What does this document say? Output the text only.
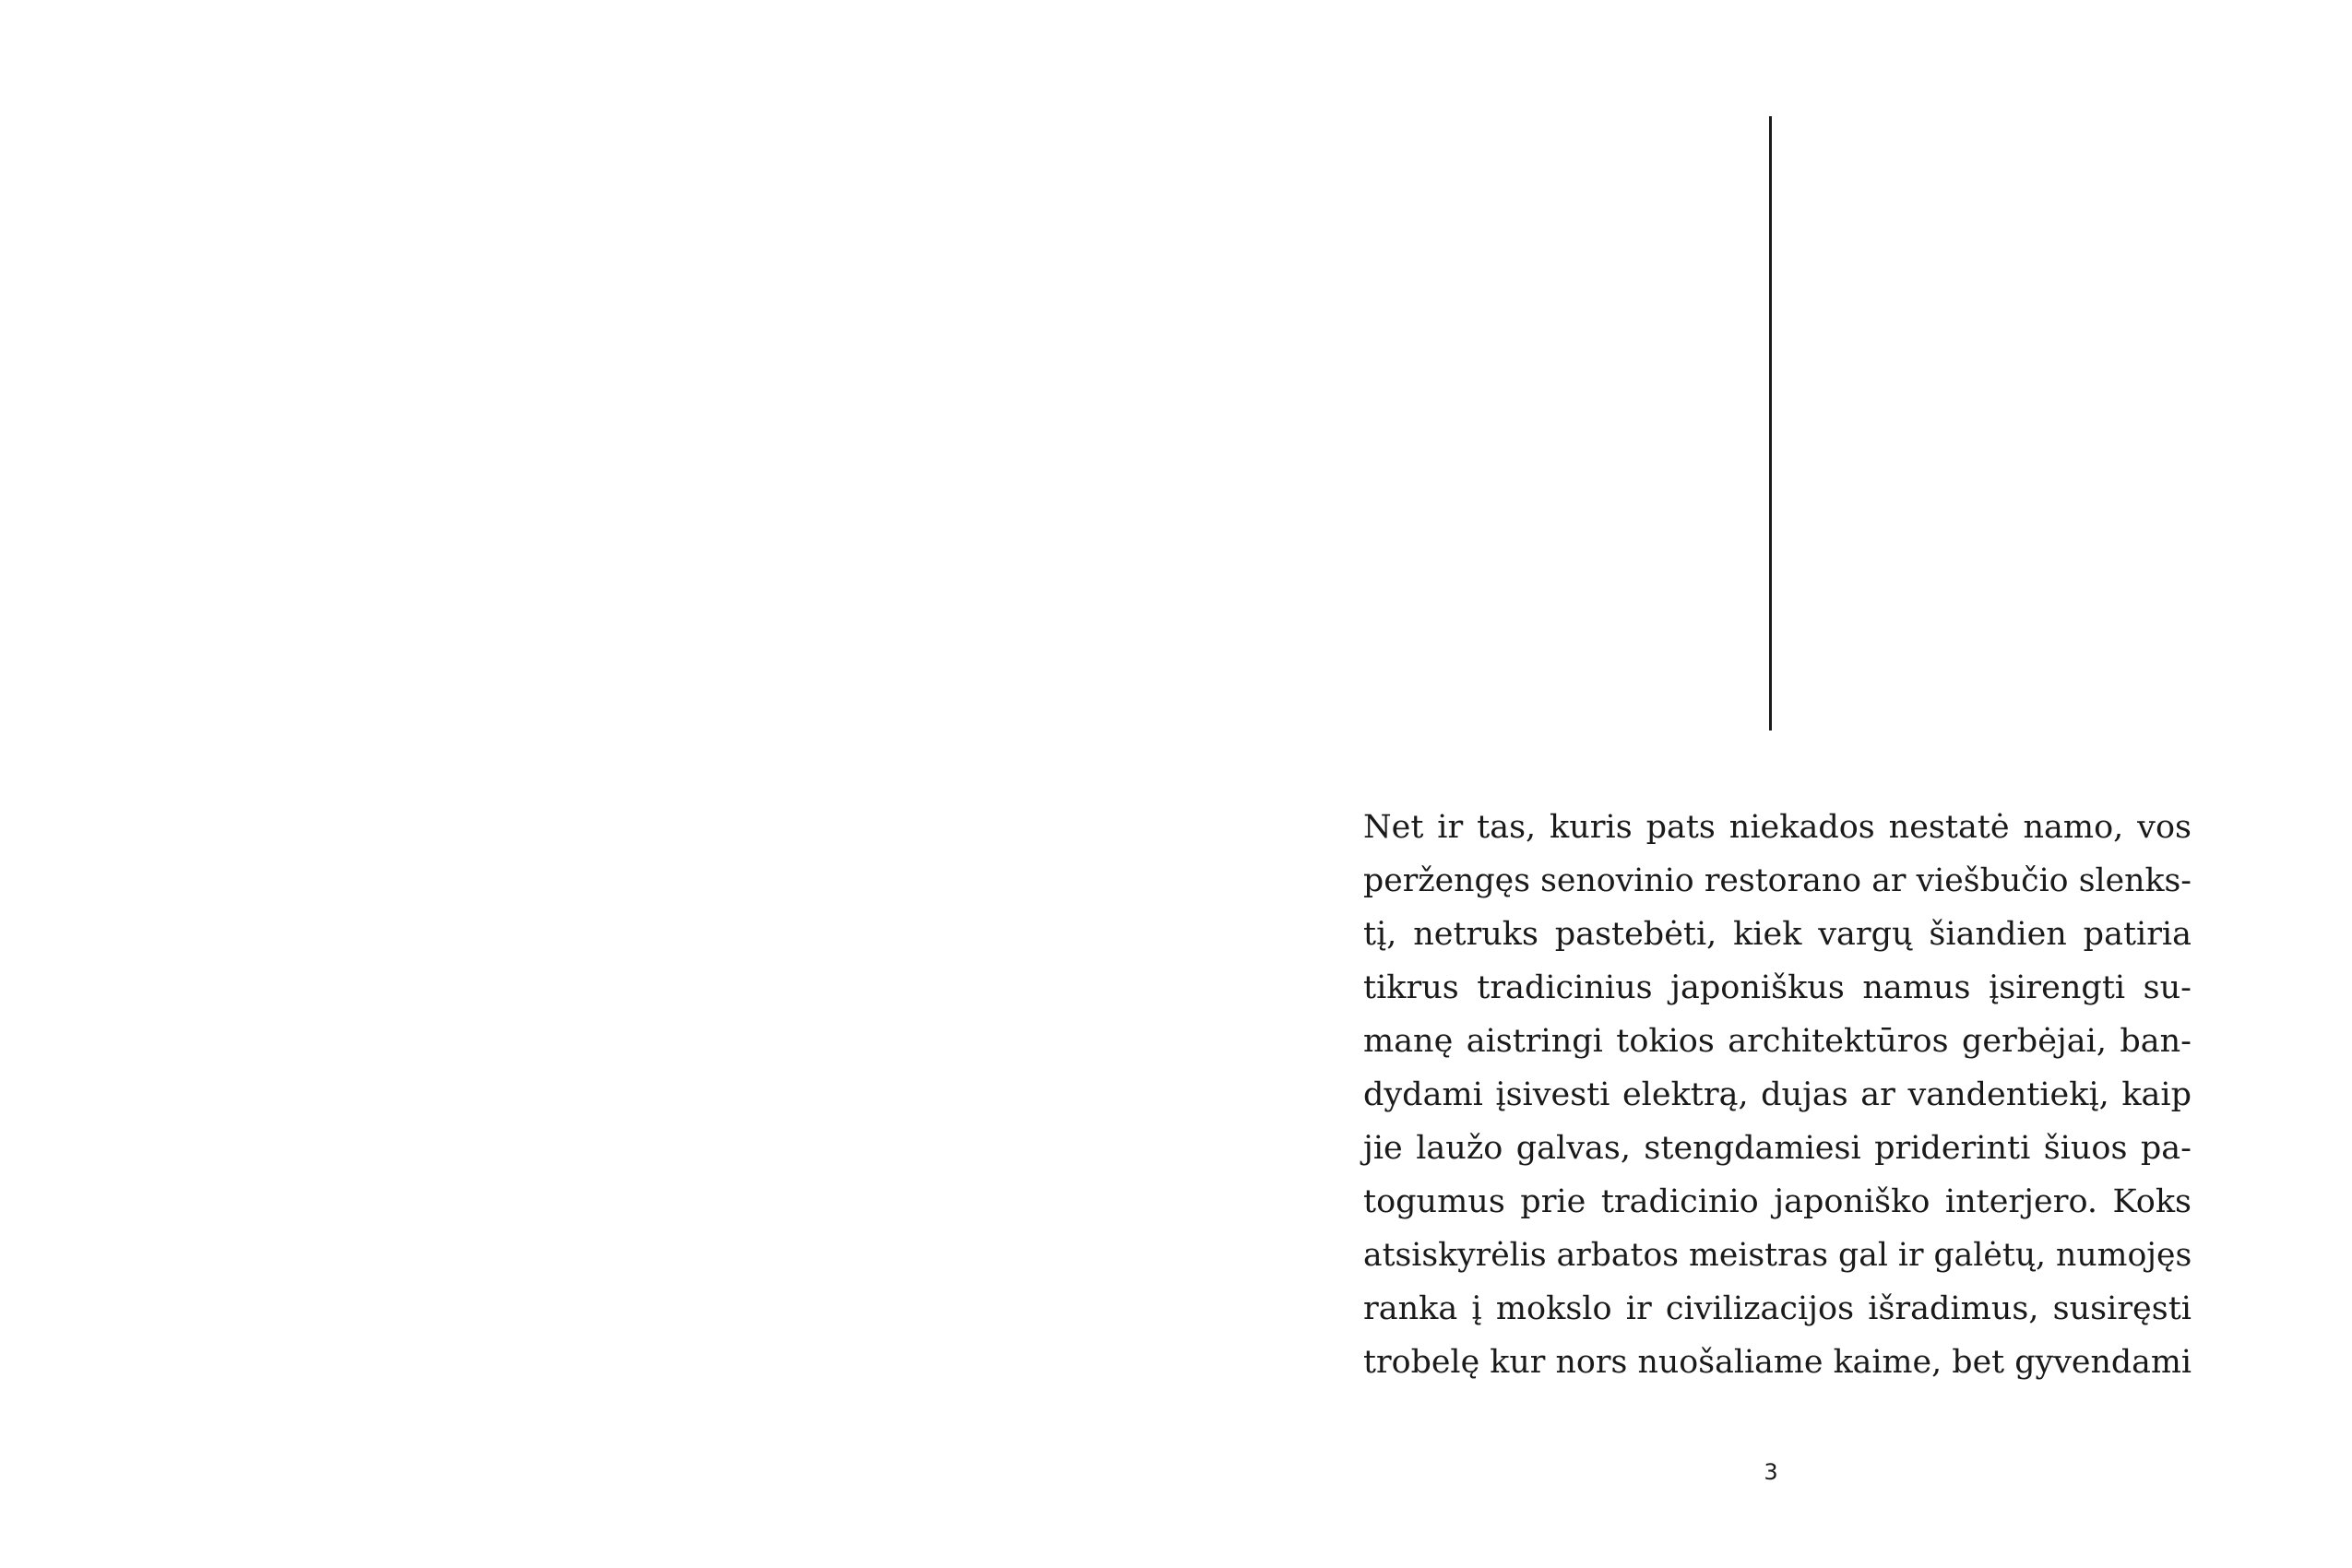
Net ir tas, kuris pats niekados nestatė namo, vos
peržengęs senovinio restorano ar viešbučio slenks-
tį, netruks pastebėti, kiek vargų šiandien patiria
tikrus tradicinius japoniškus namus įsirengti su-
manę aistringi tokios architektūros gerbėjai, ban-
dydami įsivesti elektrą, dujas ar vandentiekį, kaip
jie laužo galvas, stengdamiesi priderinti šiuos pa-
togumus prie tradicinio japoniško interjero. Koks
atsiskyrėlis arbatos meistras gal ir galėtų, numojęs
ranka į mokslo ir civilizacijos išradimus, susiręsti
trobelę kur nors nuošaliame kaime, bet gyvendami
3
